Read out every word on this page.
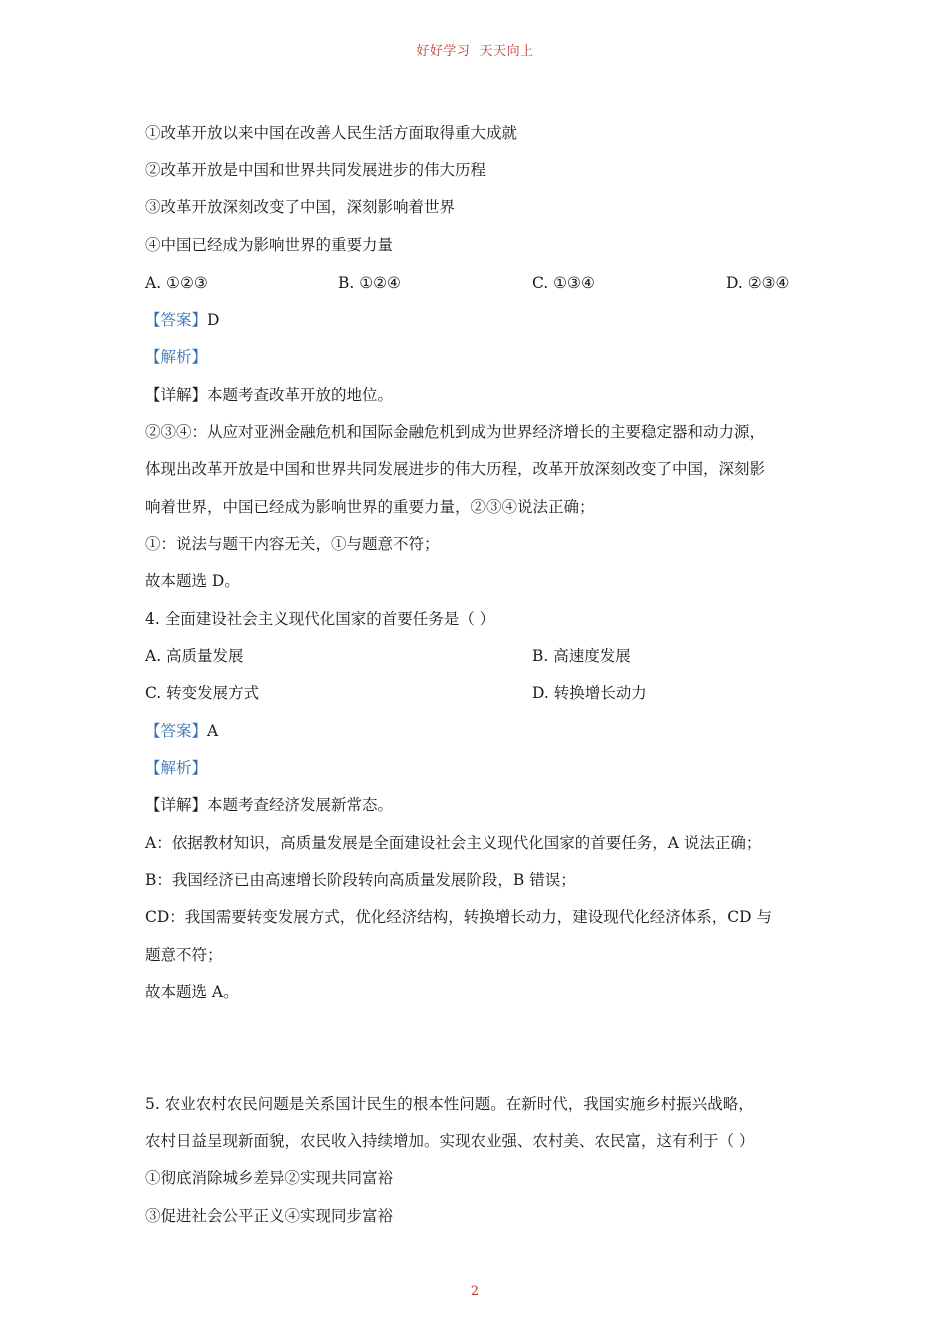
好好学习  天天向上
①改革开放以来中国在改善人民生活方面取得重大成就
②改革开放是中国和世界共同发展进步的伟大历程
③改革开放深刻改变了中国，深刻影响着世界
④中国已经成为影响世界的重要力量
A. ①②③	B. ①②④	C. ①③④	D. ②③④
【答案】D
【解析】
【详解】本题考查改革开放的地位。
②③④：从应对亚洲金融危机和国际金融危机到成为世界经济增长的主要稳定器和动力源，
体现出改革开放是中国和世界共同发展进步的伟大历程，改革开放深刻改变了中国，深刻影
响着世界，中国已经成为影响世界的重要力量，②③④说法正确；
①：说法与题干内容无关，①与题意不符；
故本题选 D。
4. 全面建设社会主义现代化国家的首要任务是（ ）
A. 高质量发展	B. 高速度发展
C. 转变发展方式	D. 转换增长动力
【答案】A
【解析】
【详解】本题考查经济发展新常态。
A：依据教材知识，高质量发展是全面建设社会主义现代化国家的首要任务，A 说法正确；
B：我国经济已由高速增长阶段转向高质量发展阶段，B 错误；
CD：我国需要转变发展方式，优化经济结构，转换增长动力，建设现代化经济体系，CD 与
题意不符；
故本题选 A。
5. 农业农村农民问题是关系国计民生的根本性问题。在新时代，我国实施乡村振兴战略，
农村日益呈现新面貌，农民收入持续增加。实现农业强、农村美、农民富，这有利于（ ）
①彻底消除城乡差异②实现共同富裕
③促进社会公平正义④实现同步富裕
2
